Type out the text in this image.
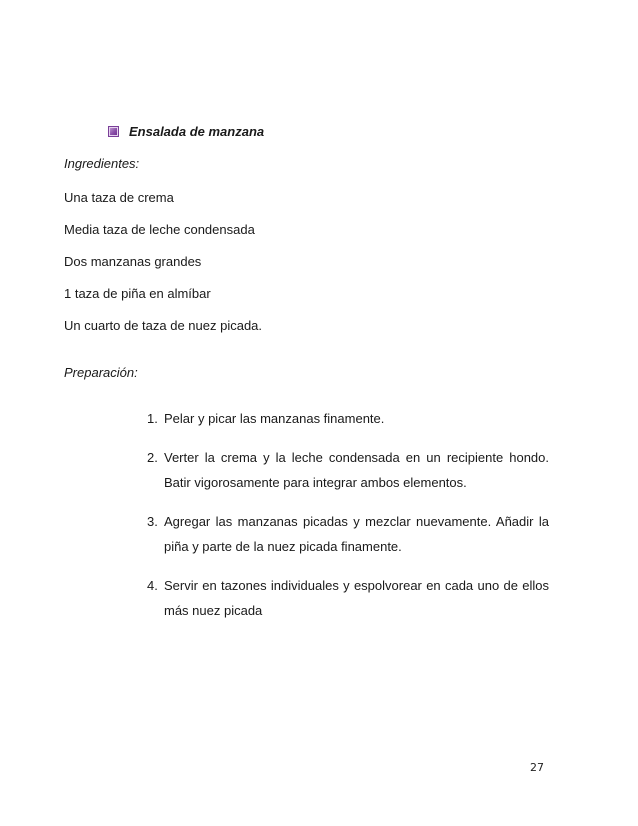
Ensalada de manzana
Ingredientes:
Una taza de crema
Media taza de leche condensada
Dos manzanas grandes
1 taza de piña en almíbar
Un cuarto de taza de nuez picada.
Preparación:
1. Pelar y picar las manzanas finamente.
2. Verter la crema y la leche condensada en un recipiente hondo. Batir vigorosamente para integrar ambos elementos.
3. Agregar las manzanas picadas y mezclar nuevamente. Añadir la piña y parte de la nuez picada finamente.
4. Servir en tazones individuales y espolvorear en cada uno de ellos más nuez picada
27
